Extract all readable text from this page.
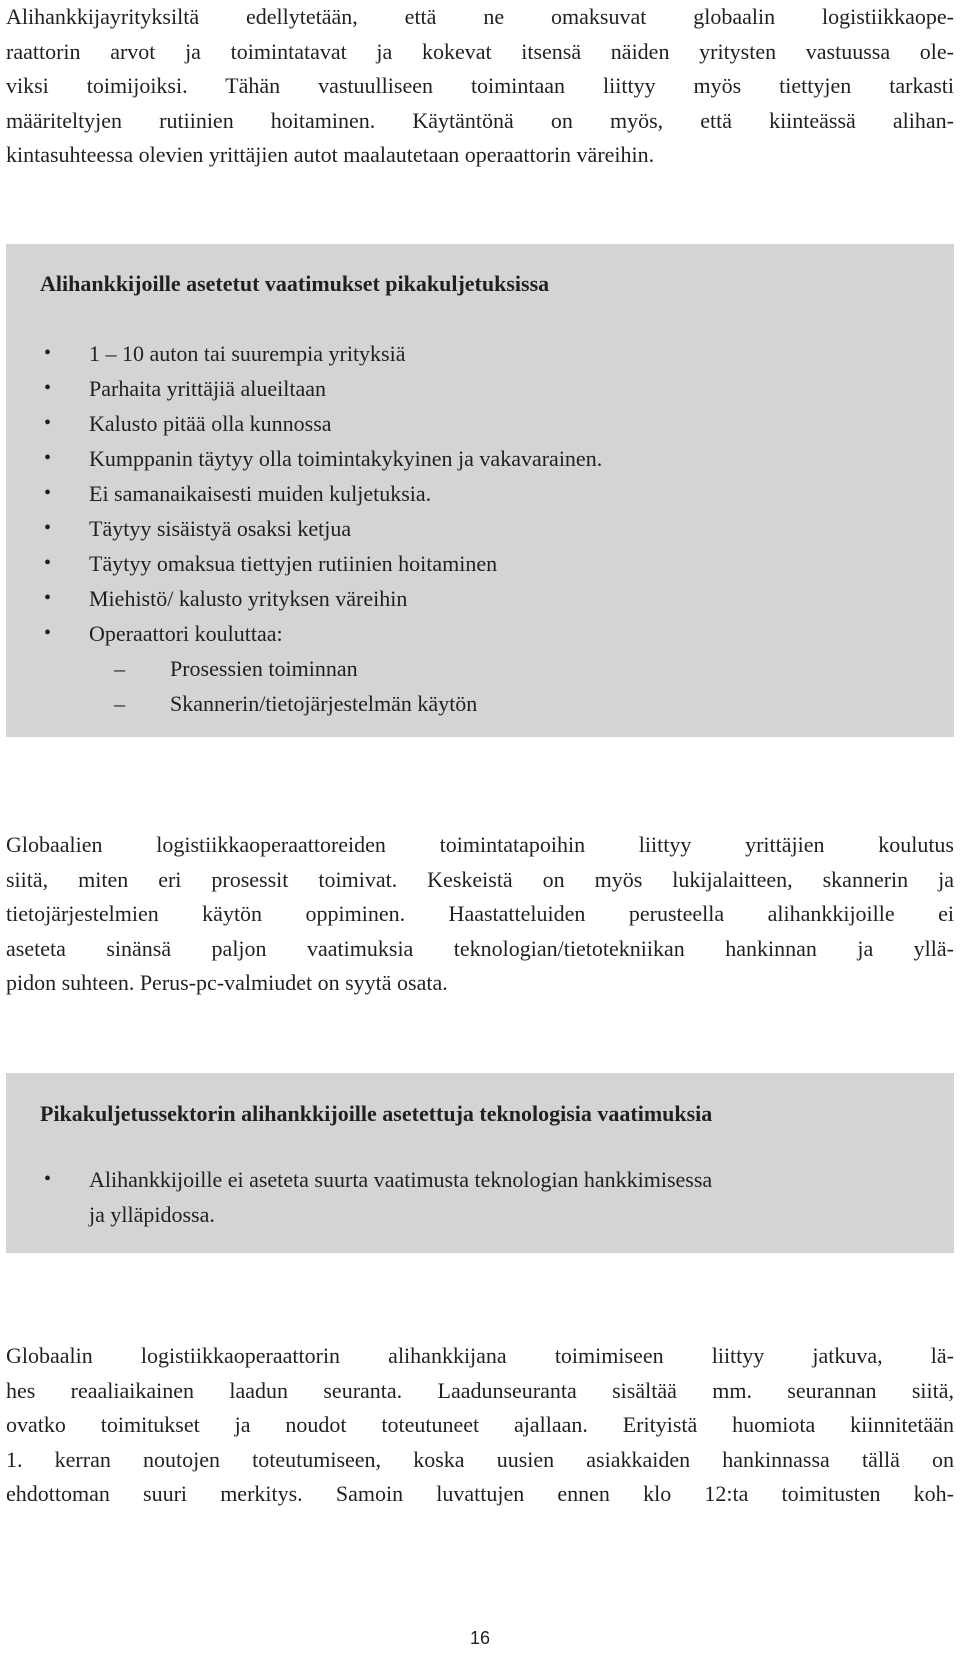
Alihankkijayrityksiltä edellytetään, että ne omaksuvat globaalin logistiikkaope-
raattorin arvot ja toimintatavat ja kokevat itsensä näiden yritysten vastuussa ole-
viksi toimijoiksi. Tähän vastuulliseen toimintaan liittyy myös tiettyjen tarkasti
määriteltyjen rutiinien hoitaminen. Käytäntönä on myös, että kiinteässä alihan-
kintasuhteessa olevien yrittäjien autot maalautetaan operaattorin väreihin.
Alihankkijoille asetetut vaatimukset pikakuljetuksissa
• 1 – 10 auton tai suurempia yrityksiä
• Parhaita yrittäjiä alueiltaan
• Kalusto pitää olla kunnossa
• Kumppanin täytyy olla toimintakykyinen ja vakavarainen.
• Ei samanaikaisesti muiden kuljetuksia.
• Täytyy sisäistyä osaksi ketjua
• Täytyy omaksua tiettyjen rutiinien hoitaminen
• Miehistö/ kalusto yrityksen väreihin
• Operaattori kouluttaa:
– Prosessien toiminnan
– Skannerin/tietojärjestelmän käytön
Globaalien logistiikkaoperaattoreiden toimintatapoihin liittyy yrittäjien koulutus
siitä, miten eri prosessit toimivat. Keskeistä on myös lukijalaitteen, skannerin ja
tietojärjestelmien käytön oppiminen. Haastatteluiden perusteella alihankkijoille ei
aseteta sinänsä paljon vaatimuksia teknologian/tietotekniikan hankinnan ja yllä-
pidon suhteen. Perus-pc-valmiudet on syytä osata.
Pikakuljetussektorin alihankkijoille asetettuja teknologisia vaatimuksia
• Alihankkijoille ei aseteta suurta vaatimusta teknologian hankkimisessa
ja ylläpidossa.
Globaalin logistiikkaoperaattorin alihankkijana toimimiseen liittyy jatkuva, lä-
hes reaaliaikainen laadun seuranta. Laadunseuranta sisältää mm. seurannan siitä,
ovatko toimitukset ja noudot toteutuneet ajallaan. Erityistä huomiota kiinnitetään
1. kerran noutojen toteutumiseen, koska uusien asiakkaiden hankinnassa tällä on
ehdottoman suuri merkitys. Samoin luvattujen ennen klo 12:ta toimitusten koh-
16
